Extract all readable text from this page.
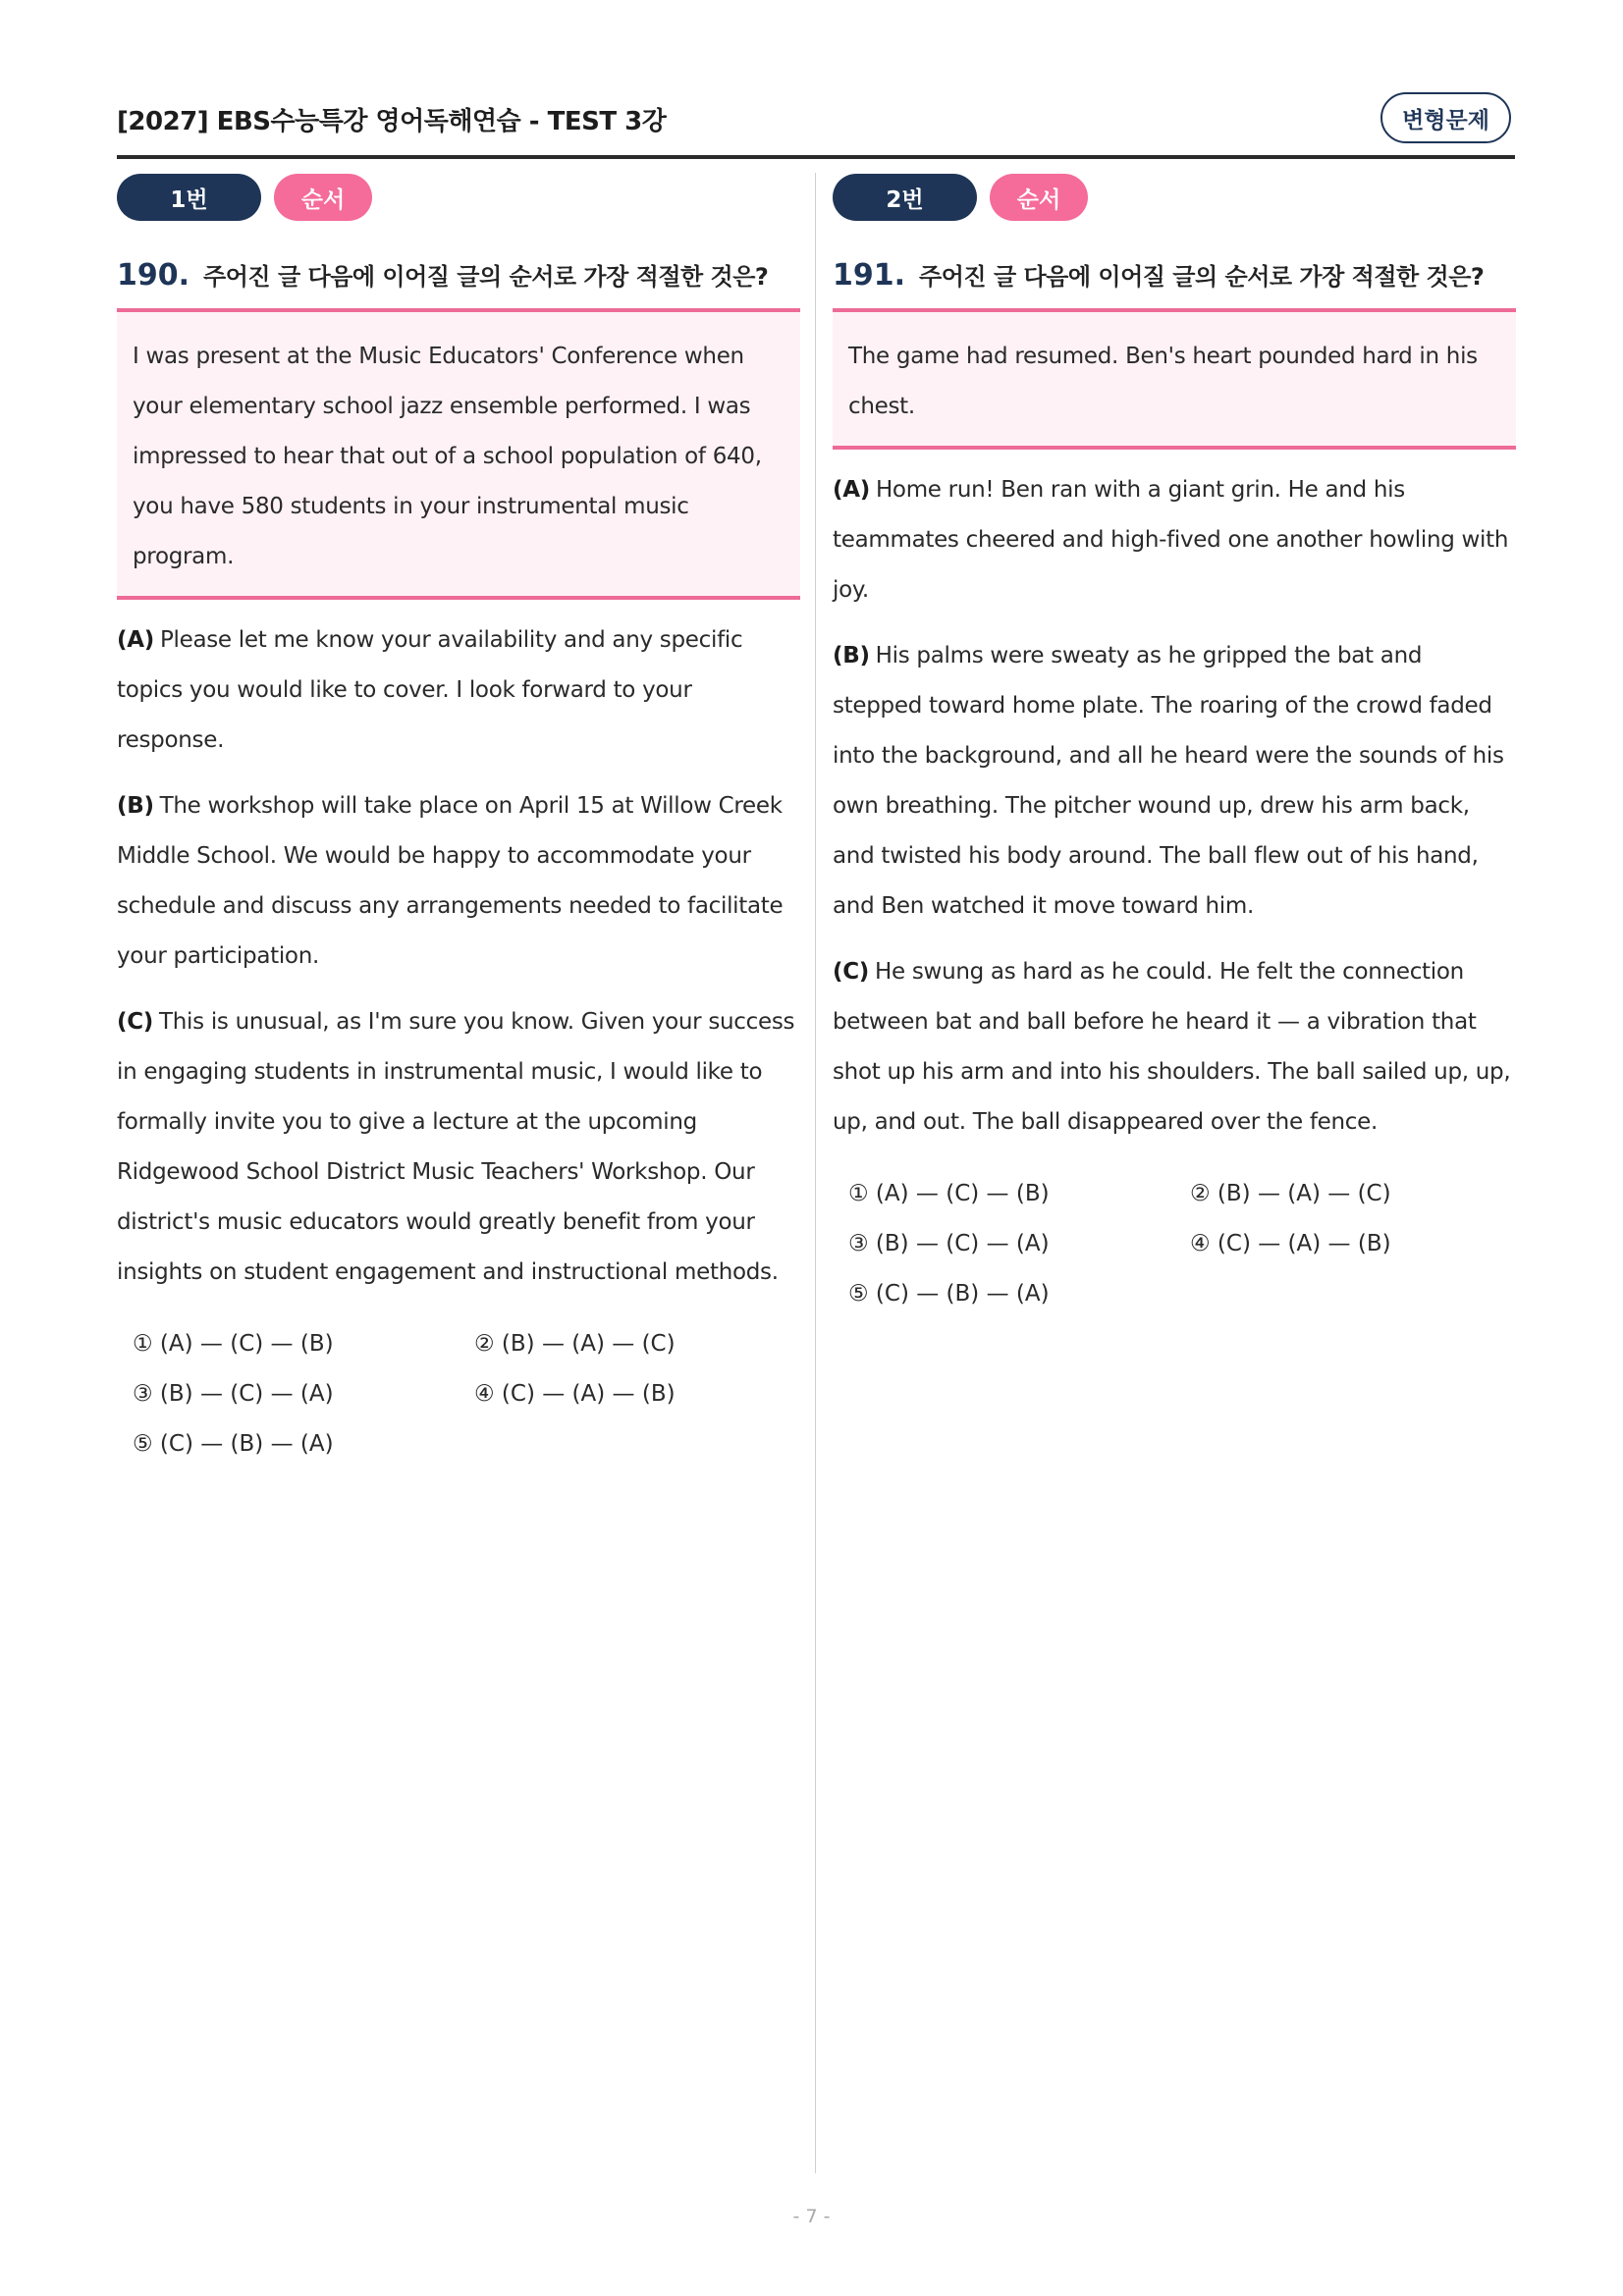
[2027] EBS수능특강 영어독해연습 - TEST 3강	변형문제
1번	순서
190. 주어진 글 다음에 이어질 글의 순서로 가장 적절한 것은?
I was present at the Music Educators' Conference when your elementary school jazz ensemble performed. I was impressed to hear that out of a school population of 640, you have 580 students in your instrumental music program.
(A) Please let me know your availability and any specific topics you would like to cover. I look forward to your response.
(B) The workshop will take place on April 15 at Willow Creek Middle School. We would be happy to accommodate your schedule and discuss any arrangements needed to facilitate your participation.
(C) This is unusual, as I'm sure you know. Given your success in engaging students in instrumental music, I would like to formally invite you to give a lecture at the upcoming Ridgewood School District Music Teachers' Workshop. Our district's music educators would greatly benefit from your insights on student engagement and instructional methods.
① (A) — (C) — (B)	② (B) — (A) — (C)
③ (B) — (C) — (A)	④ (C) — (A) — (B)
⑤ (C) — (B) — (A)
2번	순서
191. 주어진 글 다음에 이어질 글의 순서로 가장 적절한 것은?
The game had resumed. Ben's heart pounded hard in his chest.
(A) Home run! Ben ran with a giant grin. He and his teammates cheered and high-fived one another howling with joy.
(B) His palms were sweaty as he gripped the bat and stepped toward home plate. The roaring of the crowd faded into the background, and all he heard were the sounds of his own breathing. The pitcher wound up, drew his arm back, and twisted his body around. The ball flew out of his hand, and Ben watched it move toward him.
(C) He swung as hard as he could. He felt the connection between bat and ball before he heard it — a vibration that shot up his arm and into his shoulders. The ball sailed up, up, up, and out. The ball disappeared over the fence.
① (A) — (C) — (B)	② (B) — (A) — (C)
③ (B) — (C) — (A)	④ (C) — (A) — (B)
⑤ (C) — (B) — (A)
- 7 -
